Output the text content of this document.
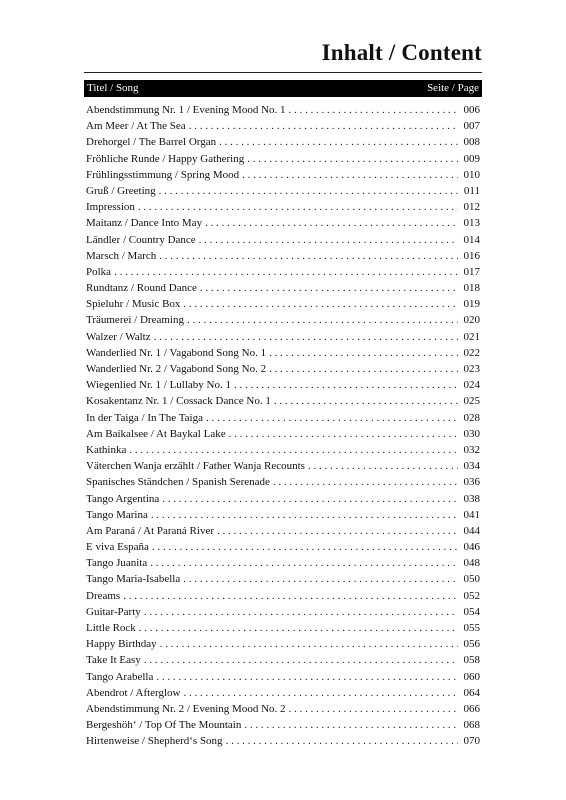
Inhalt / Content
Titel / Song	Seite / Page
Abendstimmung Nr. 1 / Evening Mood No. 1 . . .	006
Am Meer / At The Sea . . .	007
Drehorgel / The Barrel Organ . . .	008
Fröhliche Runde / Happy Gathering . . .	009
Frühlingsstimmung / Spring Mood . . .	010
Gruß / Greeting . . .	011
Impression . . .	012
Maitanz / Dance Into May . . .	013
Ländler / Country Dance . . .	014
Marsch / March . . .	016
Polka . . .	017
Rundtanz / Round Dance . . .	018
Spieluhr / Music Box . . .	019
Träumerei / Dreaming . . .	020
Walzer / Waltz . . .	021
Wanderlied Nr. 1 / Vagabond Song No. 1 . . .	022
Wanderlied Nr. 2 / Vagabond Song No. 2 . . .	023
Wiegenlied Nr. 1 / Lullaby No. 1 . . .	024
Kosakentanz Nr. 1 / Cossack Dance No. 1 . . .	025
In der Taiga / In The Taiga . . .	028
Am Baikalsee / At Baykal Lake . . .	030
Kathinka . . .	032
Väterchen Wanja erzählt / Father Wanja Recounts . . .	034
Spanisches Ständchen / Spanish Serenade . . .	036
Tango Argentina . . .	038
Tango Marina . . .	041
Am Paraná / At Paraná River . . .	044
E viva España . . .	046
Tango Juanita . . .	048
Tango Maria-Isabella . . .	050
Dreams . . .	052
Guitar-Party . . .	054
Little Rock . . .	055
Happy Birthday . . .	056
Take It Easy . . .	058
Tango Arabella . . .	060
Abendrot / Afterglow . . .	064
Abendstimmung Nr. 2 / Evening Mood No. 2 . . .	066
Bergeshöh‘ / Top Of The Mountain . . .	068
Hirtenweise / Shepherd‘s Song . . .	070
